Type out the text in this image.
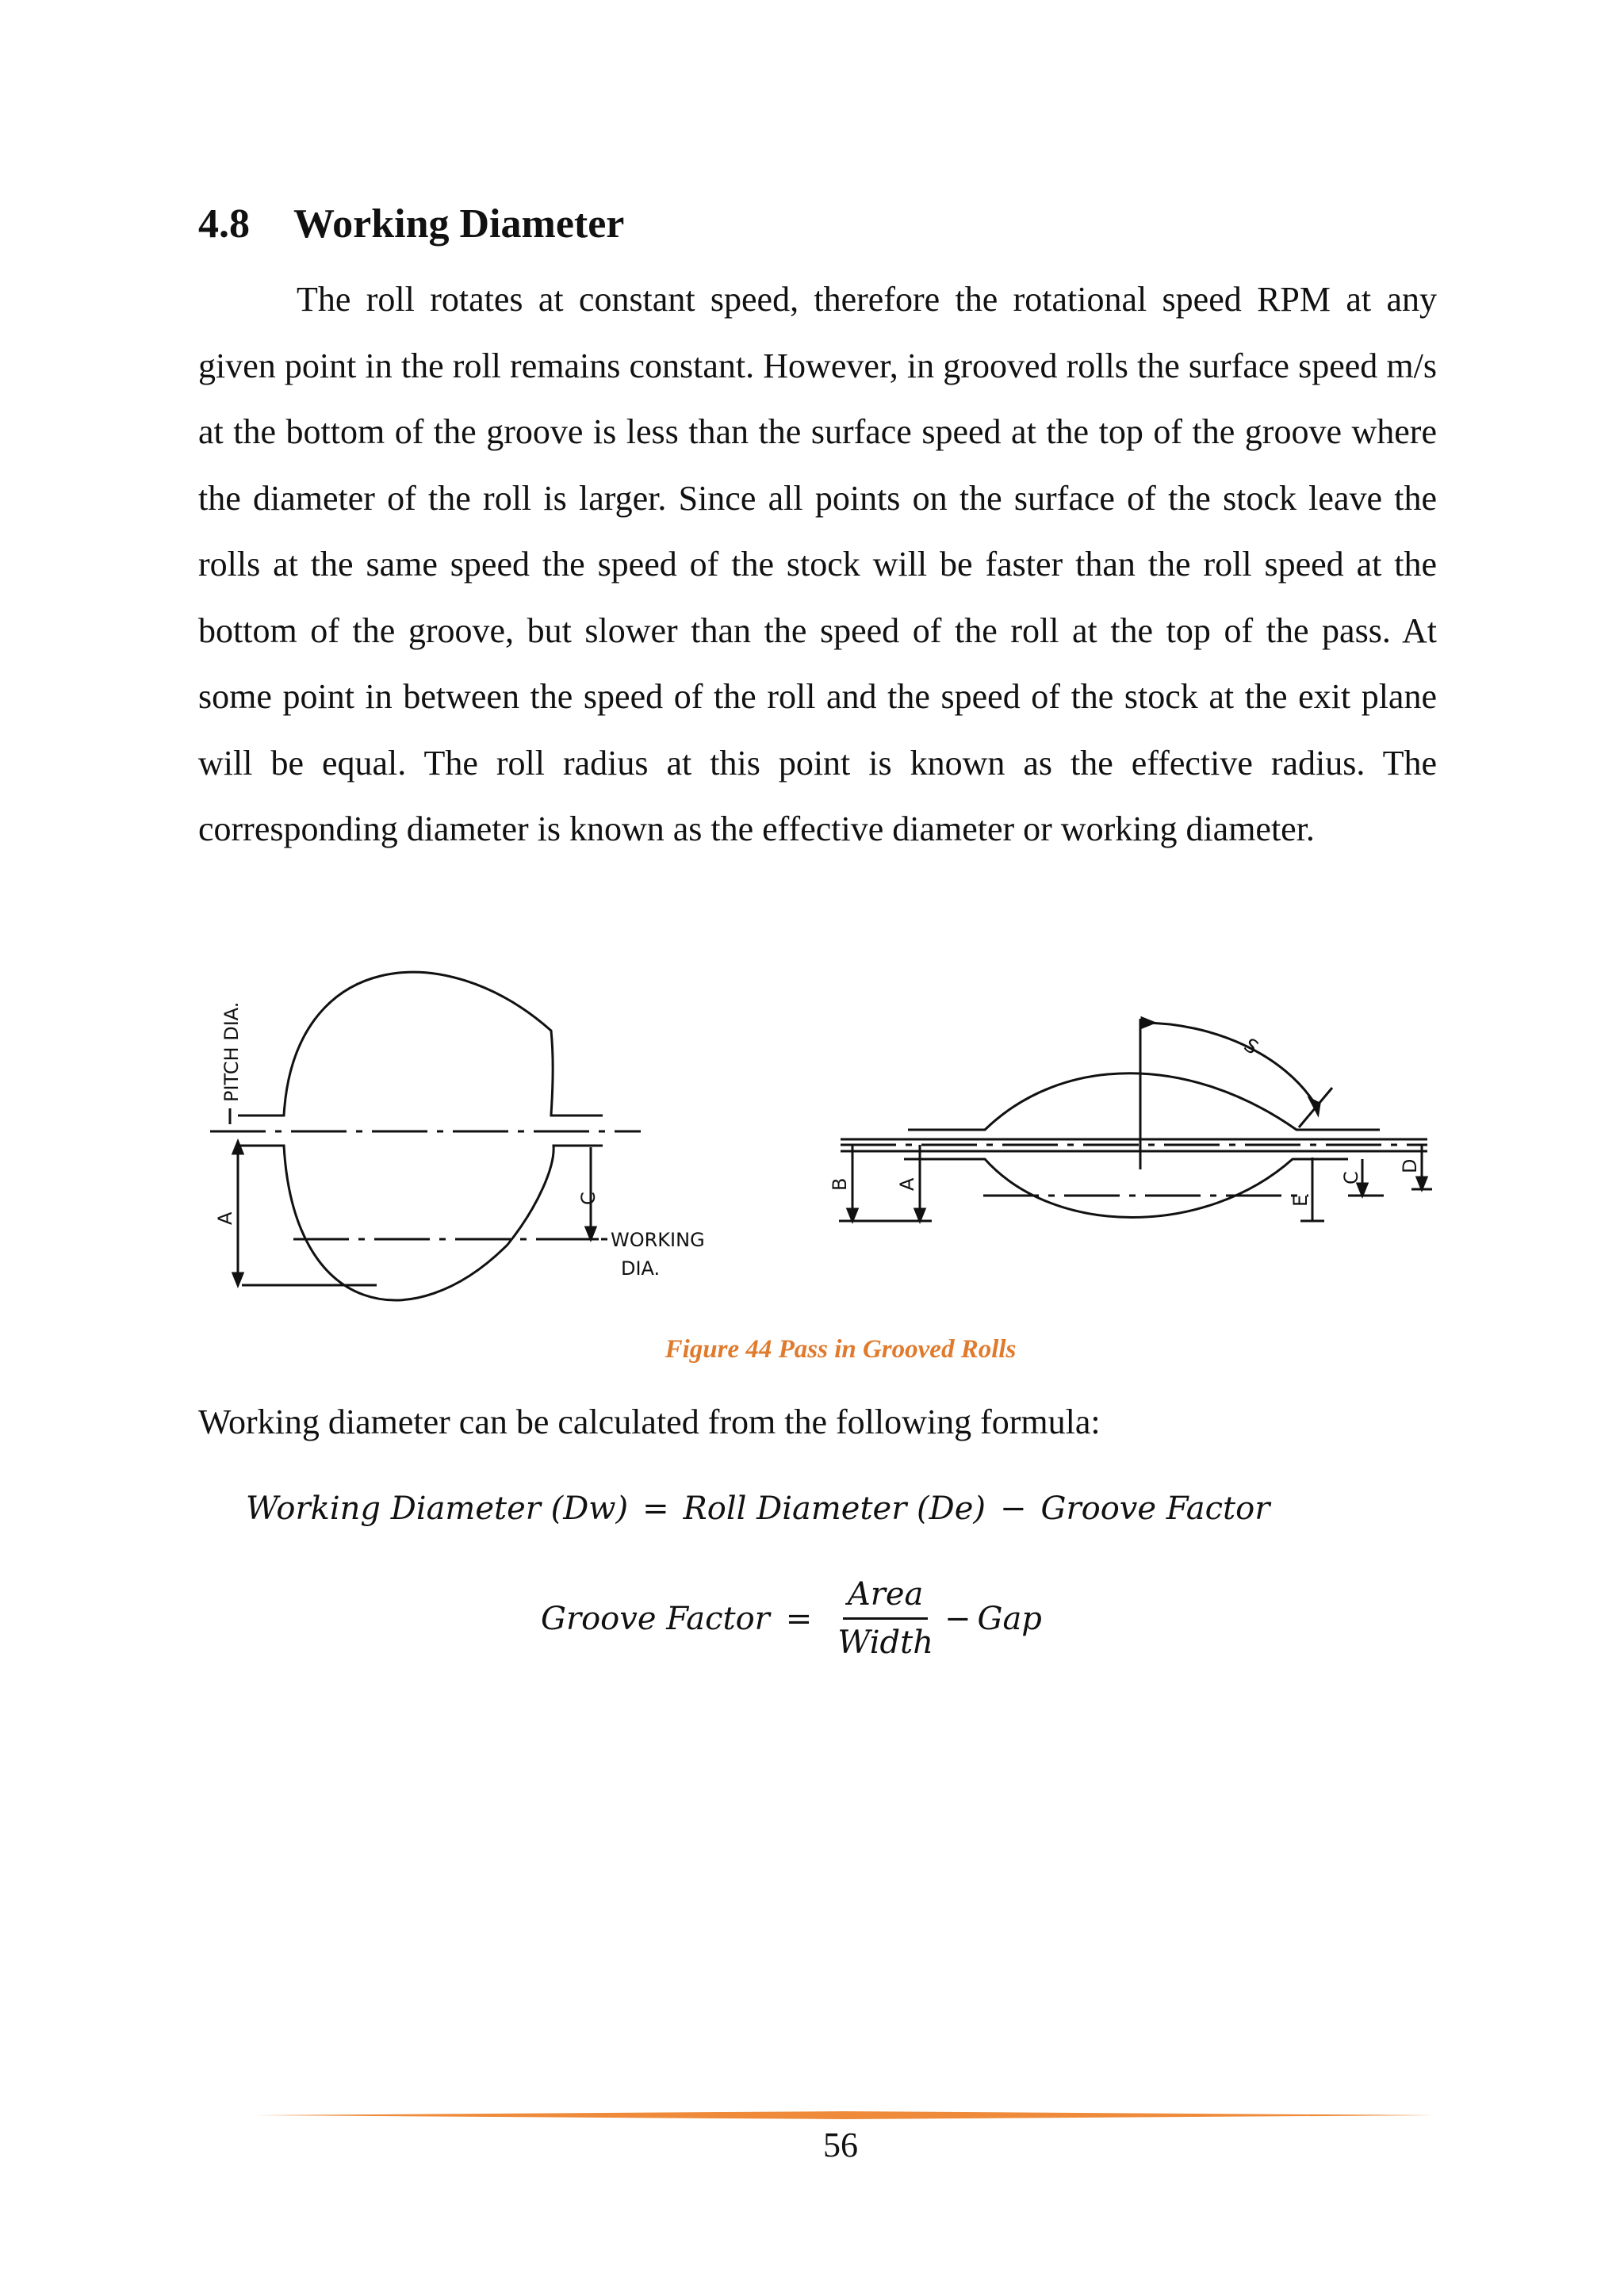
4.8 Working Diameter

The roll rotates at constant speed, therefore the rotational speed RPM at any given point in the roll remains constant. However, in grooved rolls the surface speed m/s at the bottom of the groove is less than the surface speed at the top of the groove where the diameter of the roll is larger. Since all points on the surface of the stock leave the rolls at the same speed the speed of the stock will be faster than the roll speed at the bottom of the groove, but slower than the speed of the roll at the top of the pass. At some point in between the speed of the roll and the speed of the stock at the exit plane will be equal. The roll radius at this point is known as the effective radius. The corresponding diameter is known as the effective diameter or working diameter.

PITCH DIA.
A
C
WORKING
DIA.
S
B A
E
C
D
Figure 44 Pass in Grooved Rolls
Working diameter can be calculated from the following formula:
Working Diameter (Dw) = Roll Diameter (De) − Groove Factor
Groove Factor = $\frac{\text{Area}}{\text{Width}}$ − Gap
56
